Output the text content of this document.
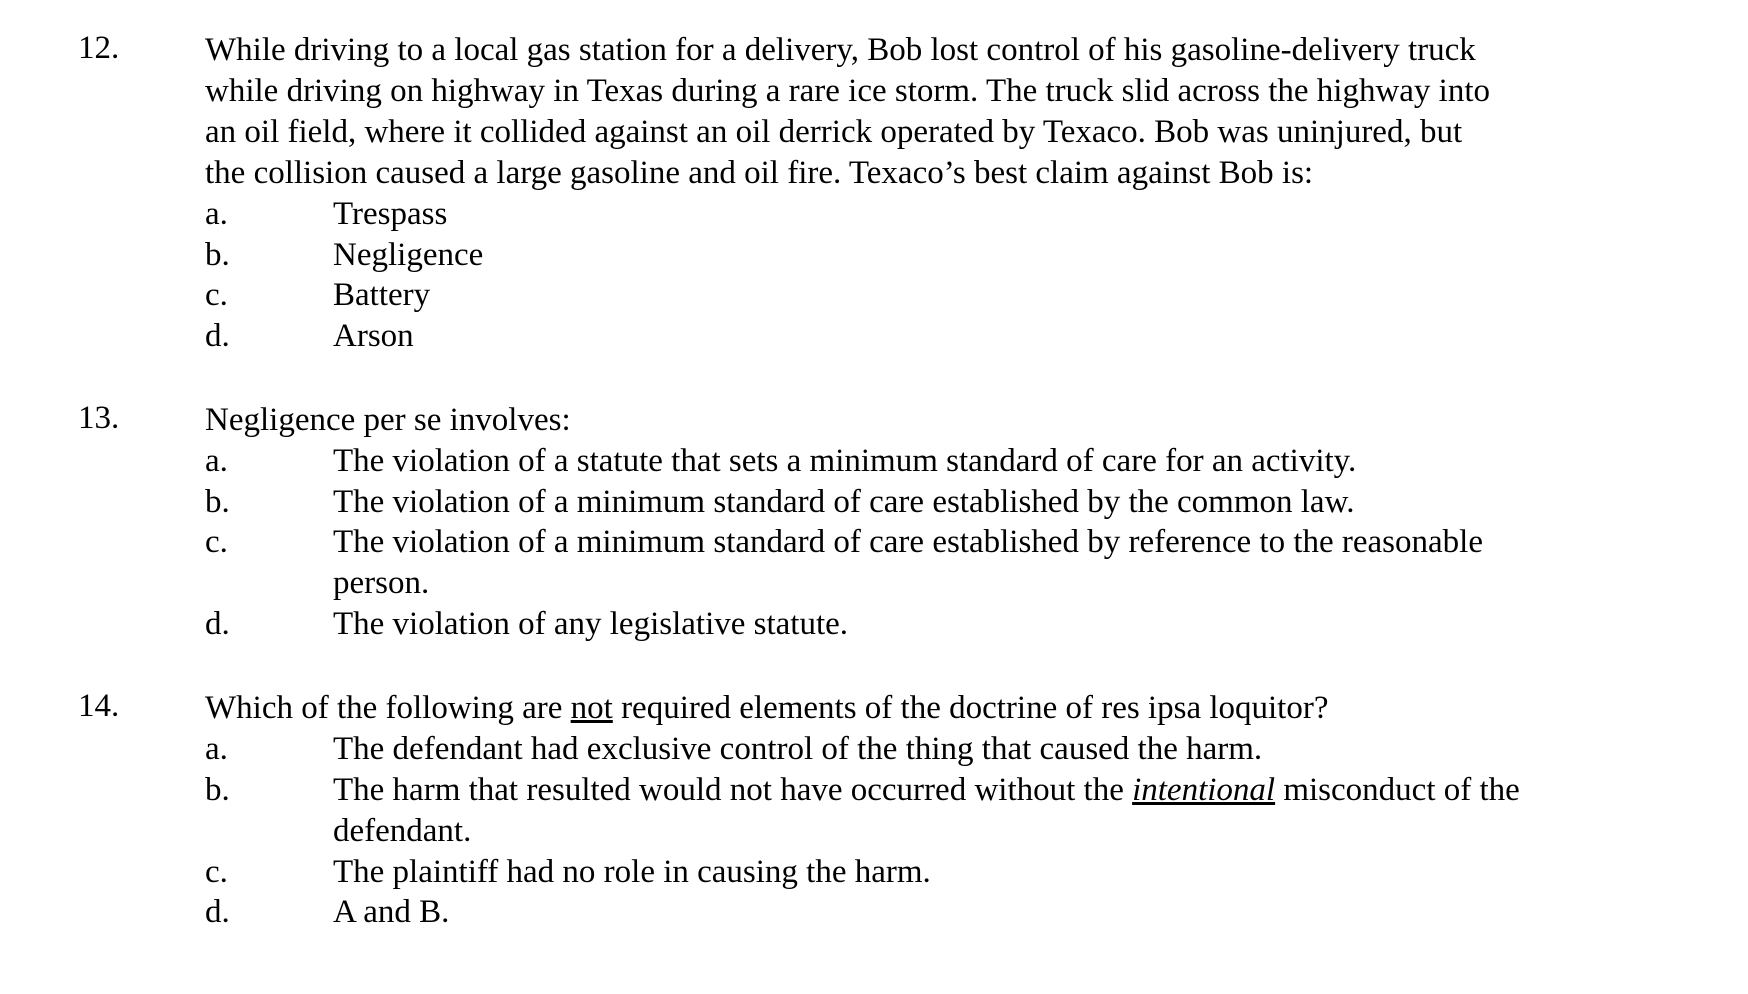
12.	While driving to a local gas station for a delivery, Bob lost control of his gasoline-delivery truck
while driving on highway in Texas during a rare ice storm. The truck slid across the highway into
an oil field, where it collided against an oil derrick operated by Texaco. Bob was uninjured, but
the collision caused a large gasoline and oil fire. Texaco’s best claim against Bob is:
a.	Trespass
b.	Negligence
c.	Battery
d.	Arson
13.	Negligence per se involves:
a.	The violation of a statute that sets a minimum standard of care for an activity.
b.	The violation of a minimum standard of care established by the common law.
c.	The violation of a minimum standard of care established by reference to the reasonable
person.
d.	The violation of any legislative statute.
14.	Which of the following are not required elements of the doctrine of res ipsa loquitor?
a.	The defendant had exclusive control of the thing that caused the harm.
b.	The harm that resulted would not have occurred without the intentional misconduct of the
defendant.
c.	The plaintiff had no role in causing the harm.
d.	A and B.
